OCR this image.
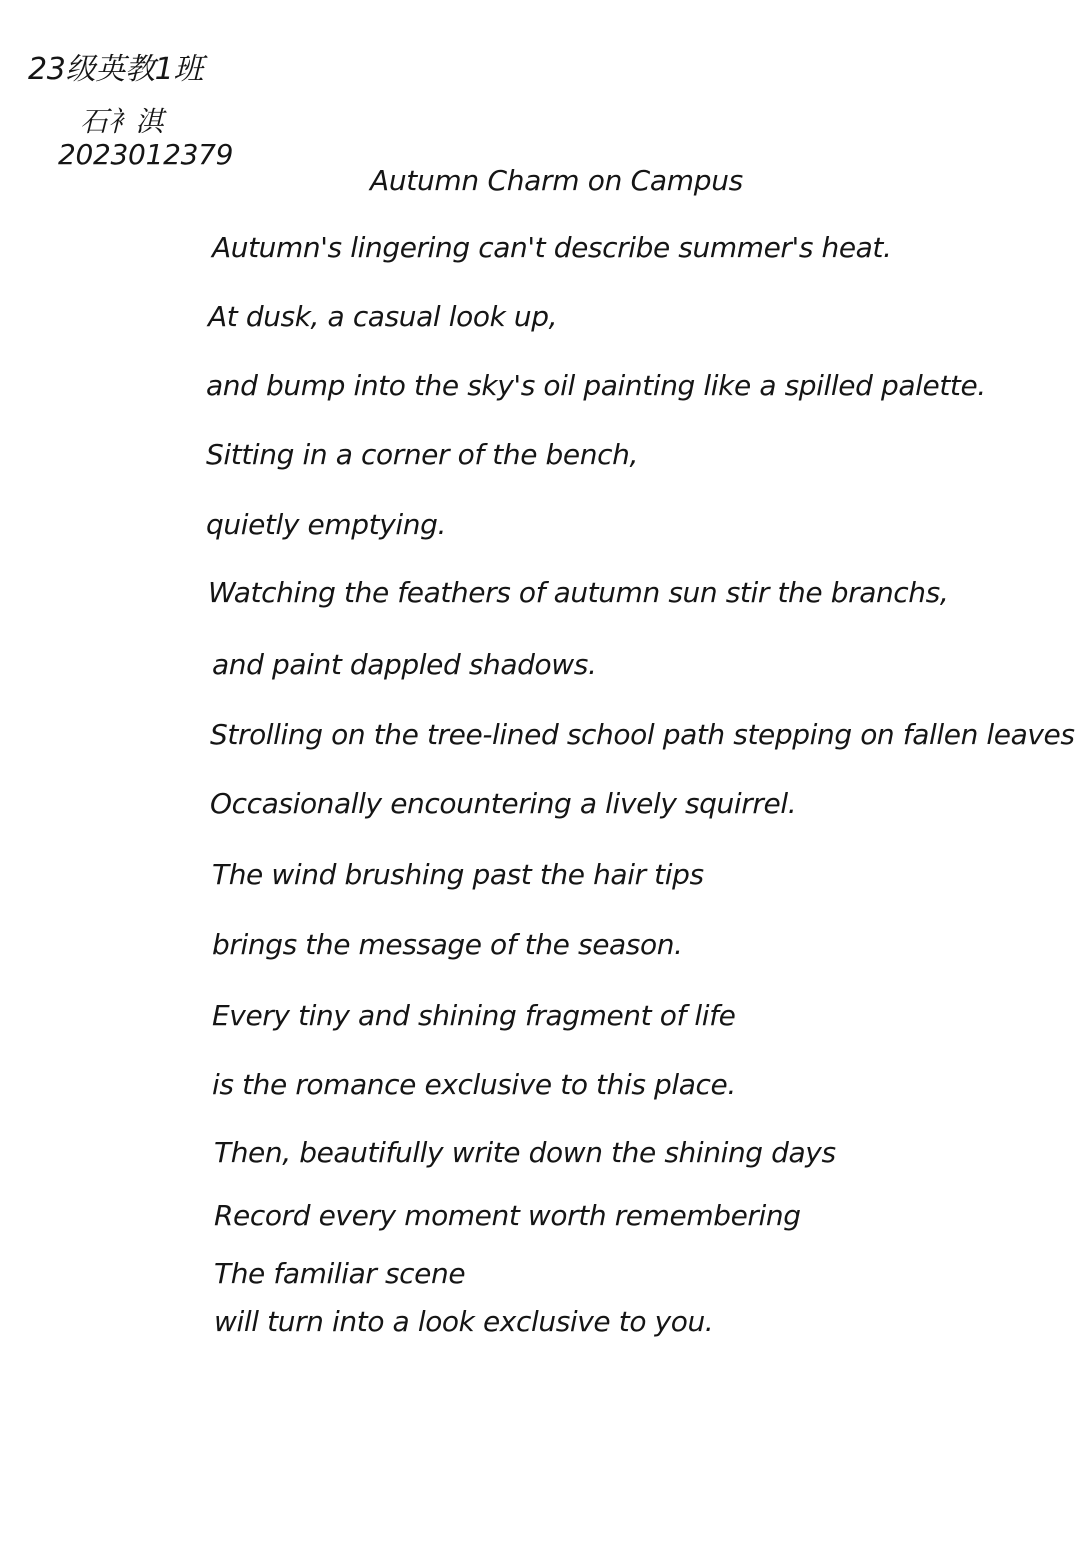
23级英教1班
石衤淇
2023012379
Autumn Charm on Campus
Autumn's lingering can't describe summer's heat.
At dusk, a casual look up,
and bump into the sky's oil painting like a spilled palette.
Sitting in a corner of the bench,
quietly emptying.
Watching the feathers of autumn sun stir the branchs,
and paint dappled shadows.
Strolling on the tree-lined school path stepping on fallen leaves
Occasionally encountering a lively squirrel.
The wind brushing past the hair tips
brings the message of the season.
Every tiny and shining fragment of life
is the romance exclusive to this place.
Then, beautifully write down the shining days
Record every moment worth remembering
The familiar scene
will turn into a look exclusive to you.
